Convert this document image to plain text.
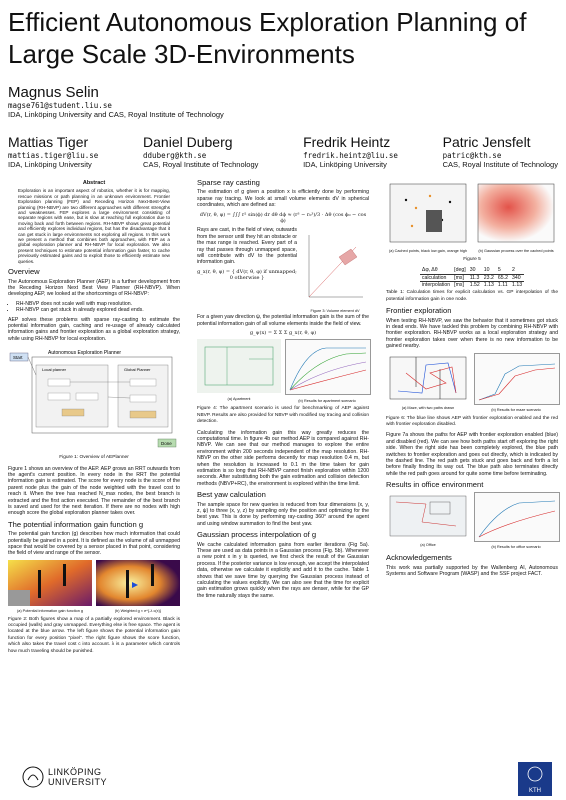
Efficient Autonomous Exploration Planning of Large Scale 3D-Environments
Magnus Selin
magse761@student.liu.se
IDA, Linköping University and CAS, Royal Institute of Technology
Mattias Tiger
mattias.tiger@liu.se
IDA, Linköping University
Daniel Duberg
dduberg@kth.se
CAS, Royal Institute of Technology
Fredrik Heintz
fredrik.heintz@liu.se
IDA, Linköping University
Patric Jensfelt
patric@kth.se
CAS, Royal Institute of Technology
Abstract
Exploration is an important aspect of robotics, whether it is for mapping, rescue missions or path planning in an unknown environment. Frontier Exploration planning (FEP) and Receding Horizon Next-Best-View planning (RH-NBVP) are two different approaches with different strengths and weaknesses. FEP explores a large environment consisting of separate regions with ease, but is slow at reaching full exploration due to moving back and forth between regions. RH-NBVP shows great potential and efficiently explores individual regions, but has the disadvantage that it can get stuck in large environments not exploring all regions. In this work we present a method that combines both approaches, with FEP as a global exploration planner and RH-NBVP for local exploration. We also present techniques to estimate potential information gain faster, to cache previously estimated gains and to exploit those to efficiently estimate new queries.
Overview

The Autonomous Exploration Planner (AEP) is a further development from the Receding Horizon Next Best View Planner (RH-NBVP). When developing AEP, we looked at the shortcomings of RH-NBVP:

• RH-NBVP does not scale well with map resolution.
• RH-NBVP can get stuck in already explored dead ends.

AEP solves these problems with sparse ray-casting to estimate the potential information gain, caching and re-usage of already calculated information gains and frontier exploration as a global exploration strategy, while using RH-NBVP for local exploration.

Start
Autonomous Exploration Planner
Local planner	Global Planner
Done
Figure 1: Overview of AEPlanner

Figure 1 shows an overview of the AEP. AEP grows an RRT outwards from the agent's current position. In every node in the RRT the potential information gain is estimated. The score for every node is the score of the parent node plus the gain of the node weighted with the travel cost to reach it. When the tree has reached N_max nodes, the best branch is extracted and the first action executed. The remainder of the best branch is saved and used for the next iteration. If there are no nodes with high enough score the global exploration planner takes over.

The potential information gain function g

The potential gain function (g) describes how much information that could potentially be gained in a point. It is defined as the volume of all unmapped space that would be covered by a sensor placed in that point, considering the field of view and range of the sensor.

(a) Potential information gain function g	(b) Weighted g × e^{-λ c(x)}
Figure 2: Both figures show a map of a partially explored environment. Black is occupied (walls) and gray unmapped. Everything else is free space. The agent is located at the blue arrow. The left figure shows the potential information gain function for every position "pixel". The right figure shows the score function, which also takes the travel cost c into account. λ is a parameter which controls how much traveling should be punished.
Sparse ray casting

The estimation of g given a position x is efficiently done by performing sparse ray tracing. We look at small volume elements dV in spherical coordinates, which are defined as:

dV(r, θ, φ) = ∫∫∫ r² sin(ϕ) dr dθ dϕ ≈ (r³ − r₀³)/3 · Δθ (cos ϕ₀ − cos ϕ)

Rays are cast, in the field of view, outwards from the sensor until they hit an obstacle or the max range is reached. Every part of a ray that passes through unmapped space, will contribute with dV to the potential information gain.

g_x(r, θ, φ) = { dV(r, θ, φ) if unmapped; 0 otherwise }
Figure 3: Volume element dV

For a given yaw direction ψ, the potential information gain is the sum of the potential information gain of all volume elements inside the field of view.

g_ψ(x) = Σ Σ Σ g_x(r, θ, φ)
(a) Apartment	(b) Results for apartment scenario
Figure 4: The apartment scenario is used for benchmarking of AEP against NBVP. Results are also provided for NBVP with modified ray tracing and collision detection.

Calculating the information gain this way greatly reduces the computational time. In figure 4b our method AEP is compared against RH-NBVP. We can see that our method manages to explore the entire environment within 200 seconds independent of the map resolution. RH-NBVP on the other side performs decently for map resolution 0.4 m, but when the resolution is increased to 0.1 m the time taken for gain estimation is so long that RH-NBVP cannot finish exploration within 1200 seconds. After substituting both the gain estimation and collision detection methods (NBVP+RC), the environment is explored within the time limit.

Best yaw calculation

The sample space for new queries is reduced from four dimensions (x, y, z, ψ) to three (x, y, z) by sampling only the position and optimizing for the best yaw. This is done by performing ray-casting 360° around the agent and using window summation to find the best yaw.

Gaussian process interpolation of g

We cache calculated information gains from earlier iterations (Fig 5a). These are used as data points in a Gaussian process (Fig. 5b). Whenever a new point x in y is queried, we first check the result of the Gaussian process. If the posterior variance is low enough, we accept the interpolated data, otherwise we calculate it explicitly and add it to the cache. Table 1 shows that we save time by querying the Gaussian process instead of calculating the values explicitly. We can also see that the time for explicit gain estimation grows quickly when the rays are denser, while for the GP the time naturally stays the same.

(a) Cached points, black low gain, orange high	(b) Gaussian process over the cached points
Figure 5
Δφ, Δθ	[deg]	30	10	5	2
calculation	[ms]	11.3	23.2	65.2	340
interpolation	[ms]	1.52	1.13	1.11	1.13
Table 1: Calculation times for explicit calculation vs. GP interpolation of the potential information gain in one node.
Frontier exploration

When testing RH-NBVP, we saw the behavior that it sometimes got stuck in dead ends. We have tackled this problem by combining RH-NBVP with frontier exploration. RH-NBVP works as a local exploration strategy and frontier exploration takes over when there is no new information to be gained nearby.

(a) Maze, with two paths drawn	(b) Results for maze scenario
Figure 6: The blue line shows AEP with frontier exploration enabled and the red with frontier exploration disabled.

Figure 7a shows the paths for AEP with frontier exploration enabled (blue) and disabled (red). We can see how both paths start off exploring the right side. When the right side has been completely explored, the blue path switches to frontier exploration and goes out directly, which is indicated by the dashed line. The red path gets stuck and goes back and forth a lot before finally finding its way out. The blue path also terminates directly while the red path goes around for quite some time before terminating.

Results in office environment
(a) Office	(b) Results for office scenario
Acknowledgements

This work was partially supported by the Wallenberg AI, Autonomous Systems and Software Program (WASP) and the SSF project FACT.

LINKÖPING
UNIVERSITY
KTH
